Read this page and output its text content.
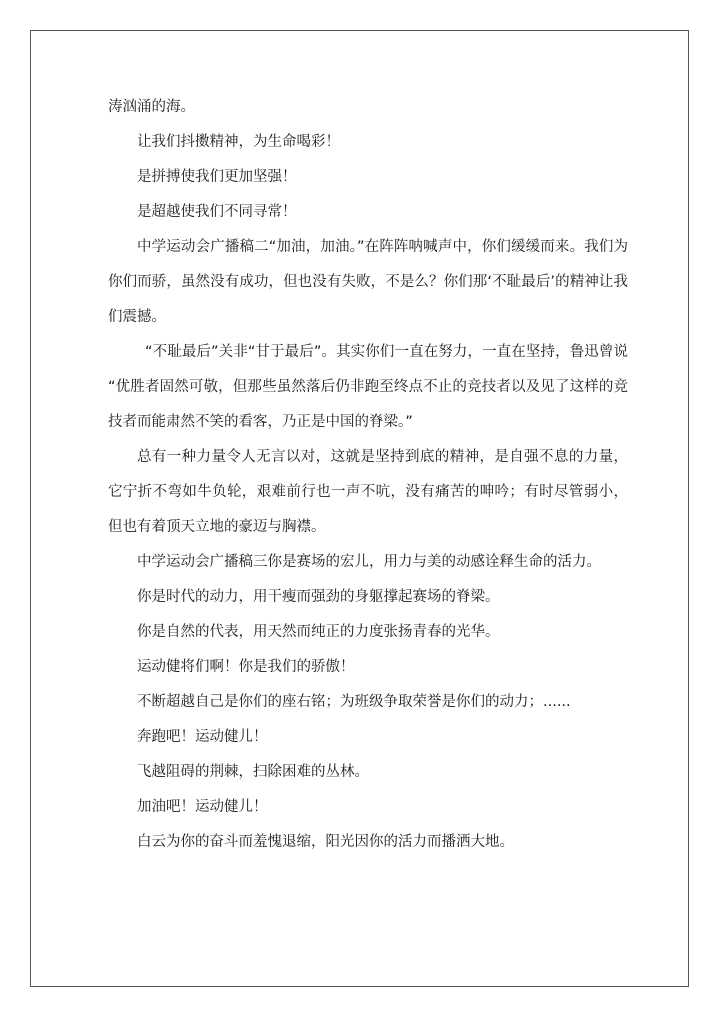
涛汹涌的海。

让我们抖擞精神，为生命喝彩！

是拼搏使我们更加坚强！

是超越使我们不同寻常！

中学运动会广播稿二“加油，加油。”在阵阵呐喊声中，你们缓缓而来。我们为你们而骄，虽然没有成功，但也没有失败，不是么？你们那‘不耻最后’的精神让我们震撼。

“不耻最后”关非“甘于最后”。其实你们一直在努力，一直在坚持，鲁迅曾说 “优胜者固然可敬，但那些虽然落后仍非跑至终点不止的竞技者以及见了这样的竞技者而能肃然不笑的看客，乃正是中国的脊梁。”

总有一种力量令人无言以对，这就是坚持到底的精神，是自强不息的力量，它宁折不弯如牛负轮，艰难前行也一声不吭，没有痛苦的呻吟；有时尽管弱小，但也有着顶天立地的豪迈与胸襟。

中学运动会广播稿三你是赛场的宏儿，用力与美的动感诠释生命的活力。

你是时代的动力，用干瘦而强劲的身躯撑起赛场的脊梁。

你是自然的代表，用天然而纯正的力度张扬青春的光华。

运动健将们啊！你是我们的骄傲！

不断超越自己是你们的座右铭；为班级争取荣誉是你们的动力；......

奔跑吧！运动健儿！

飞越阻碍的荆棘，扫除困难的丛林。

加油吧！运动健儿！

白云为你的奋斗而羞愧退缩，阳光因你的活力而播洒大地。
